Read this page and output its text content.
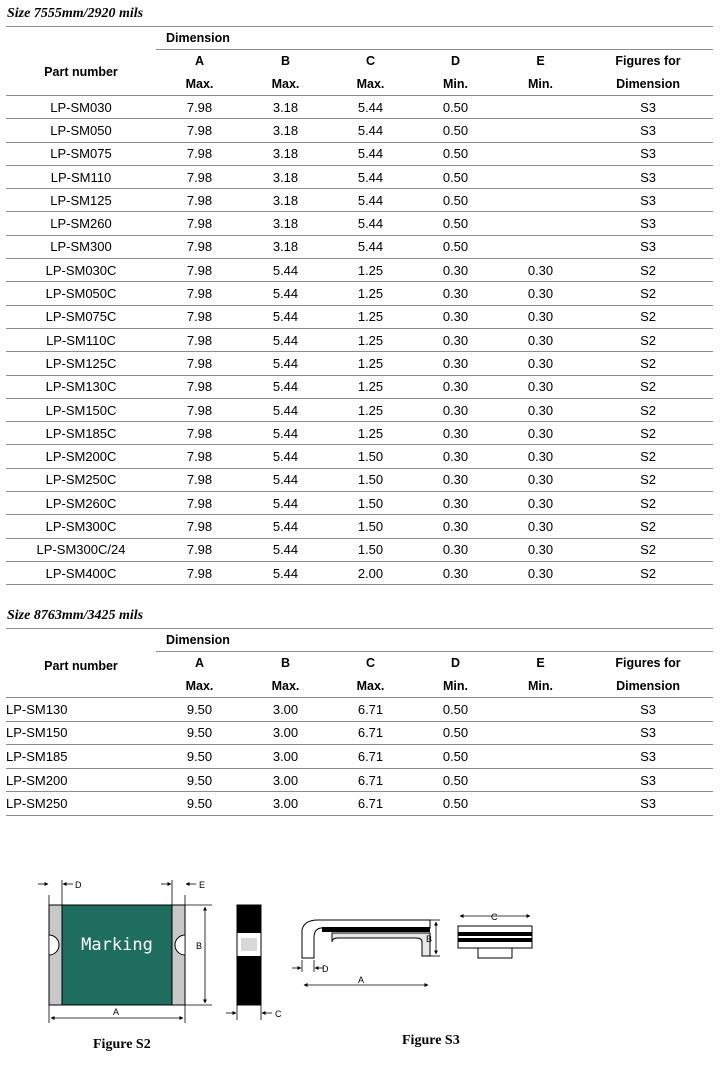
Size 7555mm/2920 mils
	Dimension					
Part number	A	B	C	D	E	Figures for
	Max.	Max.	Max.	Min.	Min.	Dimension
LP-SM030	7.98	3.18	5.44	0.50		S3
LP-SM050	7.98	3.18	5.44	0.50		S3
LP-SM075	7.98	3.18	5.44	0.50		S3
LP-SM110	7.98	3.18	5.44	0.50		S3
LP-SM125	7.98	3.18	5.44	0.50		S3
LP-SM260	7.98	3.18	5.44	0.50		S3
LP-SM300	7.98	3.18	5.44	0.50		S3
LP-SM030C	7.98	5.44	1.25	0.30	0.30	S2
LP-SM050C	7.98	5.44	1.25	0.30	0.30	S2
LP-SM075C	7.98	5.44	1.25	0.30	0.30	S2
LP-SM110C	7.98	5.44	1.25	0.30	0.30	S2
LP-SM125C	7.98	5.44	1.25	0.30	0.30	S2
LP-SM130C	7.98	5.44	1.25	0.30	0.30	S2
LP-SM150C	7.98	5.44	1.25	0.30	0.30	S2
LP-SM185C	7.98	5.44	1.25	0.30	0.30	S2
LP-SM200C	7.98	5.44	1.50	0.30	0.30	S2
LP-SM250C	7.98	5.44	1.50	0.30	0.30	S2
LP-SM260C	7.98	5.44	1.50	0.30	0.30	S2
LP-SM300C	7.98	5.44	1.50	0.30	0.30	S2
LP-SM300C/24	7.98	5.44	1.50	0.30	0.30	S2
LP-SM400C	7.98	5.44	2.00	0.30	0.30	S2
Size 8763mm/3425 mils
Part number	Dimension					
	A	B	C	D	E	Figures for
	Max.	Max.	Max.	Min.	Min.	Dimension
LP-SM130	9.50	3.00	6.71	0.50		S3
LP-SM150	9.50	3.00	6.71	0.50		S3
LP-SM185	9.50	3.00	6.71	0.50		S3
LP-SM200	9.50	3.00	6.71	0.50		S3
LP-SM250	9.50	3.00	6.71	0.50		S3
Marking
D	E
B
A	C
B
D
A
C
Figure S2	Figure S3
